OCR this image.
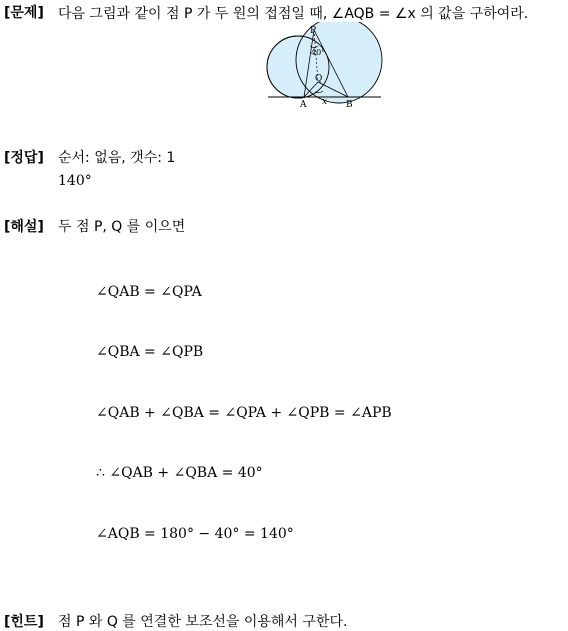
[문제] 다음 그림과 같이 점 P 가 두 원의 접점일 때, ∠AQB = ∠x 의 값을 구하여라.
P
40°
Q
A	B
x
[정답] 순서: 없음, 갯수: 1
140°
[해설] 두 점 P, Q 를 이으면
∠QAB = ∠QPA
∠QBA = ∠QPB
∠QAB + ∠QBA = ∠QPA + ∠QPB = ∠APB
∴ ∠QAB + ∠QBA = 40°
∠AQB = 180° − 40° = 140°
[힌트] 점 P 와 Q 를 연결한 보조선을 이용해서 구한다.
